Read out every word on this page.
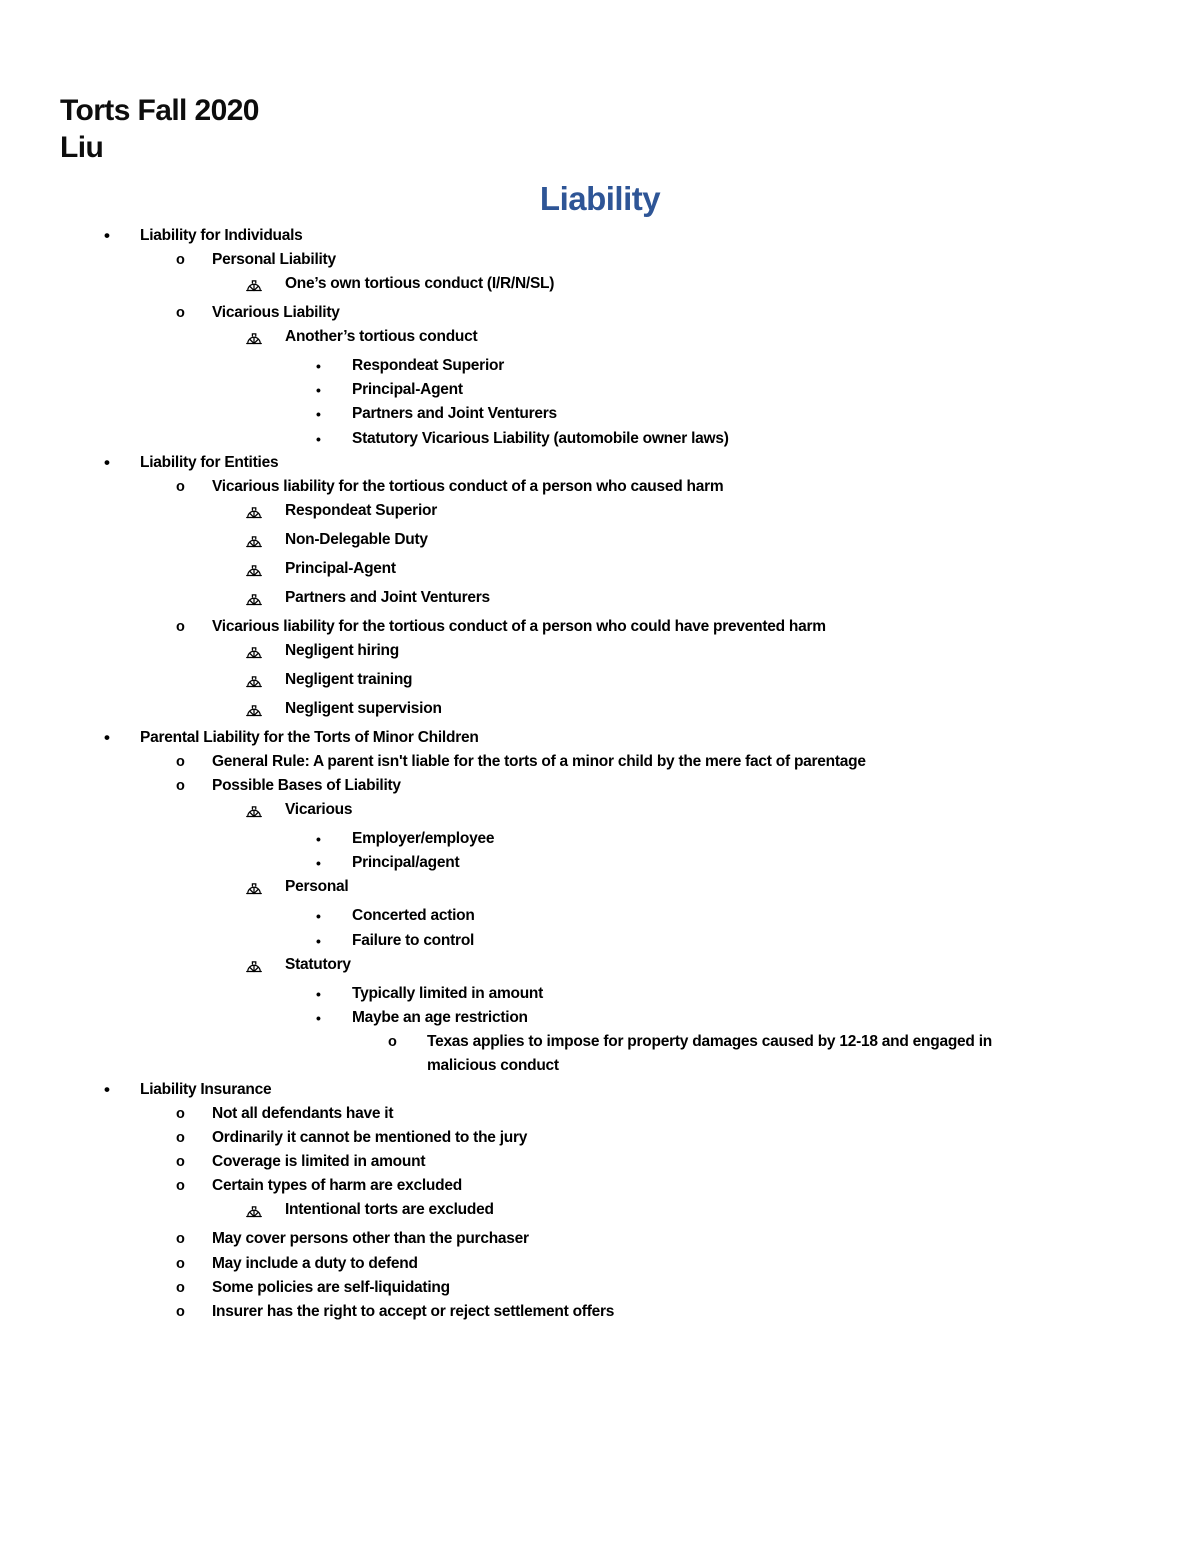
Torts Fall 2020
Liu
Liability
•	Liability for Individuals
o	Personal Liability
One’s own tortious conduct (I/R/N/SL)
o	Vicarious Liability
Another’s tortious conduct
•	Respondeat Superior
•	Principal-Agent
•	Partners and Joint Venturers
•	Statutory Vicarious Liability (automobile owner laws)
•	Liability for Entities
o	Vicarious liability for the tortious conduct of a person who caused harm
Respondeat Superior
Non-Delegable Duty
Principal-Agent
Partners and Joint Venturers
o	Vicarious liability for the tortious conduct of a person who could have prevented harm
Negligent hiring
Negligent training
Negligent supervision
•	Parental Liability for the Torts of Minor Children
o	General Rule: A parent isn't liable for the torts of a minor child by the mere fact of parentage
o	Possible Bases of Liability
Vicarious
•	Employer/employee
•	Principal/agent
Personal
•	Concerted action
•	Failure to control
Statutory
•	Typically limited in amount
•	Maybe an age restriction
o	Texas applies to impose for property damages caused by 12-18 and engaged in malicious conduct
•	Liability Insurance
o	Not all defendants have it
o	Ordinarily it cannot be mentioned to the jury
o	Coverage is limited in amount
o	Certain types of harm are excluded
Intentional torts are excluded
o	May cover persons other than the purchaser
o	May include a duty to defend
o	Some policies are self-liquidating
o	Insurer has the right to accept or reject settlement offers
